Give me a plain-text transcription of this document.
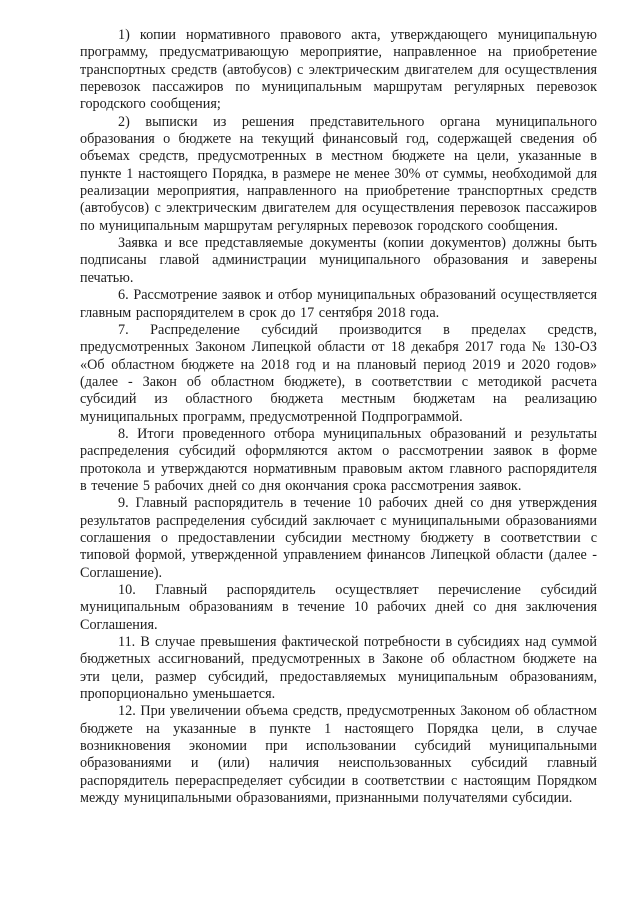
1) копии нормативного правового акта, утверждающего муниципальную программу, предусматривающую мероприятие, направленное на приобретение транспортных средств (автобусов) с электрическим двигателем для осуществления перевозок пассажиров по муниципальным маршрутам регулярных перевозок городского сообщения;

2) выписки из решения представительного органа муниципального образования о бюджете на текущий финансовый год, содержащей сведения об объемах средств, предусмотренных в местном бюджете на цели, указанные в пункте 1 настоящего Порядка, в размере не менее 30% от суммы, необходимой для реализации мероприятия, направленного на приобретение транспортных средств (автобусов) с электрическим двигателем для осуществления перевозок пассажиров по муниципальным маршрутам регулярных перевозок городского сообщения.

Заявка и все представляемые документы (копии документов) должны быть подписаны главой администрации муниципального образования и заверены печатью.

6. Рассмотрение заявок и отбор муниципальных образований осуществляется главным распорядителем в срок до 17 сентября 2018 года.

7. Распределение субсидий производится в пределах средств, предусмотренных Законом Липецкой области от 18 декабря 2017 года № 130-ОЗ «Об областном бюджете на 2018 год и на плановый период 2019 и 2020 годов» (далее - Закон об областном бюджете), в соответствии с методикой расчета субсидий из областного бюджета местным бюджетам на реализацию муниципальных программ, предусмотренной Подпрограммой.

8. Итоги проведенного отбора муниципальных образований и результаты распределения субсидий оформляются актом о рассмотрении заявок в форме протокола и утверждаются нормативным правовым актом главного распорядителя в течение 5 рабочих дней со дня окончания срока рассмотрения заявок.

9. Главный распорядитель в течение 10 рабочих дней со дня утверждения результатов распределения субсидий заключает с муниципальными образованиями соглашения о предоставлении субсидии местному бюджету в соответствии с типовой формой, утвержденной управлением финансов Липецкой области (далее - Соглашение).

10. Главный распорядитель осуществляет перечисление субсидий муниципальным образованиям в течение 10 рабочих дней со дня заключения Соглашения.

11. В случае превышения фактической потребности в субсидиях над суммой бюджетных ассигнований, предусмотренных в Законе об областном бюджете на эти цели, размер субсидий, предоставляемых муниципальным образованиям, пропорционально уменьшается.

12. При увеличении объема средств, предусмотренных Законом об областном бюджете на указанные в пункте 1 настоящего Порядка цели, в случае возникновения экономии при использовании субсидий муниципальными образованиями и (или) наличия неиспользованных субсидий главный распорядитель перераспределяет субсидии в соответствии с настоящим Порядком между муниципальными образованиями, признанными получателями субсидии.
